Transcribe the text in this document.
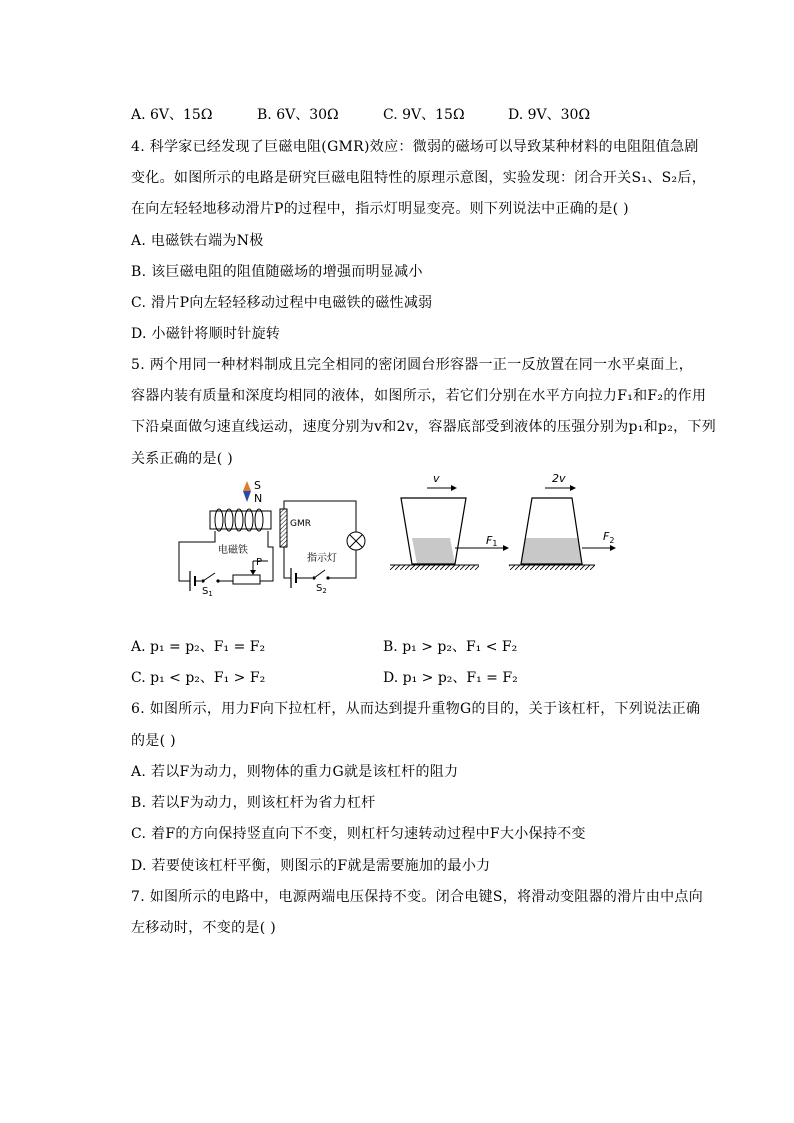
A. 6V、15Ω	B. 6V、30Ω	C. 9V、15Ω	D. 9V、30Ω
4. 科学家已经发现了巨磁电阻(GMR)效应：微弱的磁场可以导致某种材料的电阻阻值急剧
变化。如图所示的电路是研究巨磁电阻特性的原理示意图，实验发现：闭合开关S₁、S₂后，
在向左轻轻地移动滑片P的过程中，指示灯明显变亮。则下列说法中正确的是( )
A. 电磁铁右端为N极
B. 该巨磁电阻的阻值随磁场的增强而明显减小
C. 滑片P向左轻轻移动过程中电磁铁的磁性减弱
D. 小磁针将顺时针旋转
5. 两个用同一种材料制成且完全相同的密闭圆台形容器一正一反放置在同一水平桌面上，
容器内装有质量和深度均相同的液体，如图所示，若它们分别在水平方向拉力F₁和F₂的作用
下沿桌面做匀速直线运动，速度分别为v和2v，容器底部受到液体的压强分别为p₁和p₂，下列
关系正确的是( )
S
N
$S_1$
P
电磁铁
GMR
指示灯
$S_2$
v
F1
2v
$F_2$
A. p₁ = p₂、F₁ = F₂	B. p₁ > p₂、F₁ < F₂
C. p₁ < p₂、F₁ > F₂	D. p₁ > p₂、F₁ = F₂
6. 如图所示，用力F向下拉杠杆，从而达到提升重物G的目的，关于该杠杆，下列说法正确
的是( )
A. 若以F为动力，则物体的重力G就是该杠杆的阻力
B. 若以F为动力，则该杠杆为省力杠杆
C. 着F的方向保持竖直向下不变，则杠杆匀速转动过程中F大小保持不变
D. 若要使该杠杆平衡，则图示的F就是需要施加的最小力
7. 如图所示的电路中，电源两端电压保持不变。闭合电键S，将滑动变阻器的滑片由中点向
左移动时，不变的是( )
